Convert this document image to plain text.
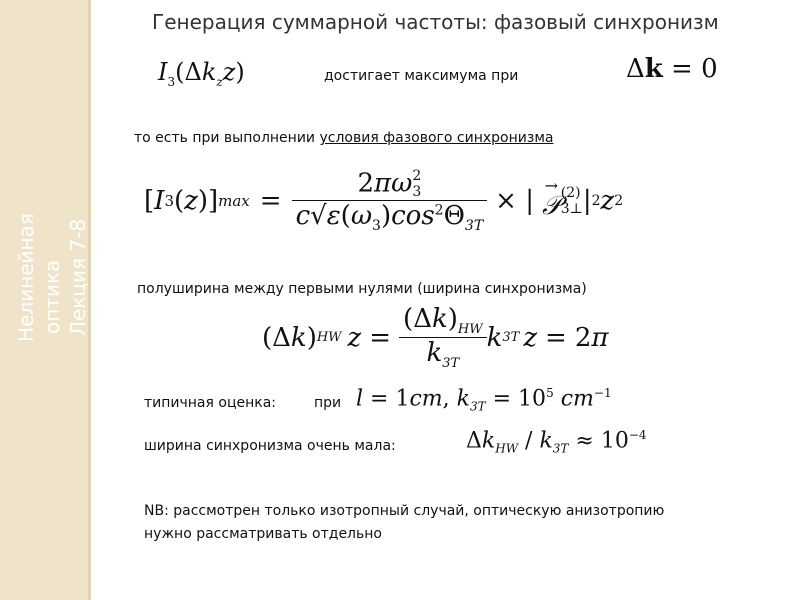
Нелинейная оптика Лекция 7-8
Генерация суммарной частоты: фазовый синхронизм
$I_3(\Delta k_zz)$	достигает максимума при	Δk = 0
то есть при выполнении условия фазового синхронизма
[ I 3 ( z )] max = 2πω 2
3
$c√\varepsilon(\omega_3)\cos^2\Theta_{3T}$ × |
→
𝒫 (2)
3⊥ | 2 z 2
полуширина между первыми нулями (ширина синхронизма)
(Δ k ) HW $z = \frac{(\Delta k)_{HW}}{k_{3T}}$ k 3T z = 2 π
типичная оценка:	при l = 1cm, $k_{3T} = 10^5$ $cm^{-1}$
ширина синхронизма очень мала:	$\Delta k_{HW} / k_{3T} \approx 10^{-4}$
NB: рассмотрен только изотропный случай, оптическую анизотропию
нужно рассматривать отдельно
